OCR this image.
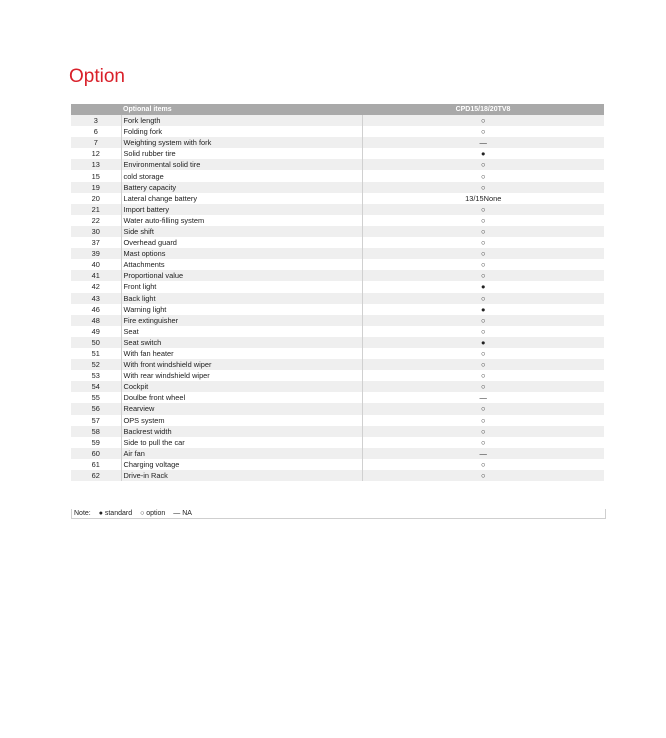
Option
	Optional items	CPD15/18/20TV8
3	Fork length	○
6	Folding fork	○
7	Weighting system with fork	—
12	Solid rubber tire	●
13	Environmental solid tire	○
15	cold storage	○
19	Battery capacity	○
20	Lateral change battery	13/15None
21	Import battery	○
22	Water auto-filling system	○
30	Side shift	○
37	Overhead guard	○
39	Mast options	○
40	Attachments	○
41	Proportional value	○
42	Front light	●
43	Back light	○
46	Warning light	●
48	Fire extinguisher	○
49	Seat	○
50	Seat switch	●
51	With fan heater	○
52	With front windshield wiper	○
53	With rear windshield wiper	○
54	Cockpit	○
55	Doulbe front wheel	—
56	Rearview	○
57	OPS system	○
58	Backrest width	○
59	Side to pull the car	○
60	Air fan	—
61	Charging voltage	○
62	Drive-in Rack	○
Note: ● standard ○ option — NA
